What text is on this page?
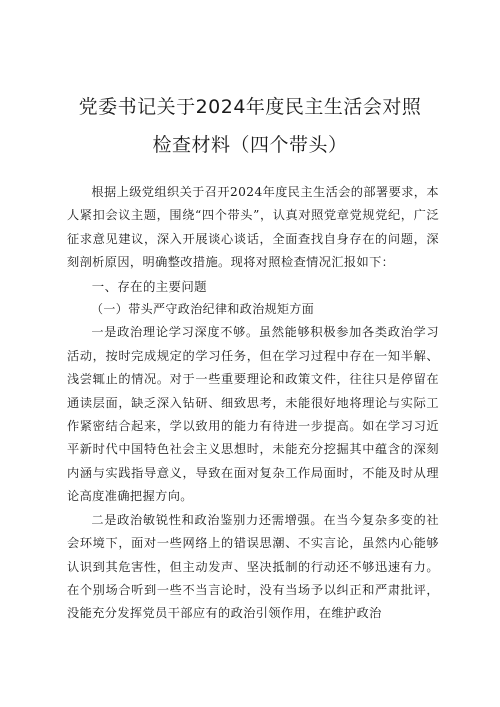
党委书记关于2024年度民主生活会对照
检查材料（四个带头）

根据上级党组织关于召开2024年度民主生活会的部署要求，本人紧扣会议主题，围绕“四个带头”，认真对照党章党规党纪，广泛征求意见建议，深入开展谈心谈话，全面查找自身存在的问题，深刻剖析原因，明确整改措施。现将对照检查情况汇报如下：

一、存在的主要问题

（一）带头严守政治纪律和政治规矩方面

一是政治理论学习深度不够。虽然能够积极参加各类政治学习活动，按时完成规定的学习任务，但在学习过程中存在一知半解、浅尝辄止的情况。对于一些重要理论和政策文件，往往只是停留在通读层面，缺乏深入钻研、细致思考，未能很好地将理论与实际工作紧密结合起来，学以致用的能力有待进一步提高。如在学习习近平新时代中国特色社会主义思想时，未能充分挖掘其中蕴含的深刻内涵与实践指导意义，导致在面对复杂工作局面时，不能及时从理论高度准确把握方向。

二是政治敏锐性和政治鉴别力还需增强。在当今复杂多变的社会环境下，面对一些网络上的错误思潮、不实言论，虽然内心能够认识到其危害性，但主动发声、坚决抵制的行动还不够迅速有力。在个别场合听到一些不当言论时，没有当场予以纠正和严肃批评，没能充分发挥党员干部应有的政治引领作用，在维护政治
